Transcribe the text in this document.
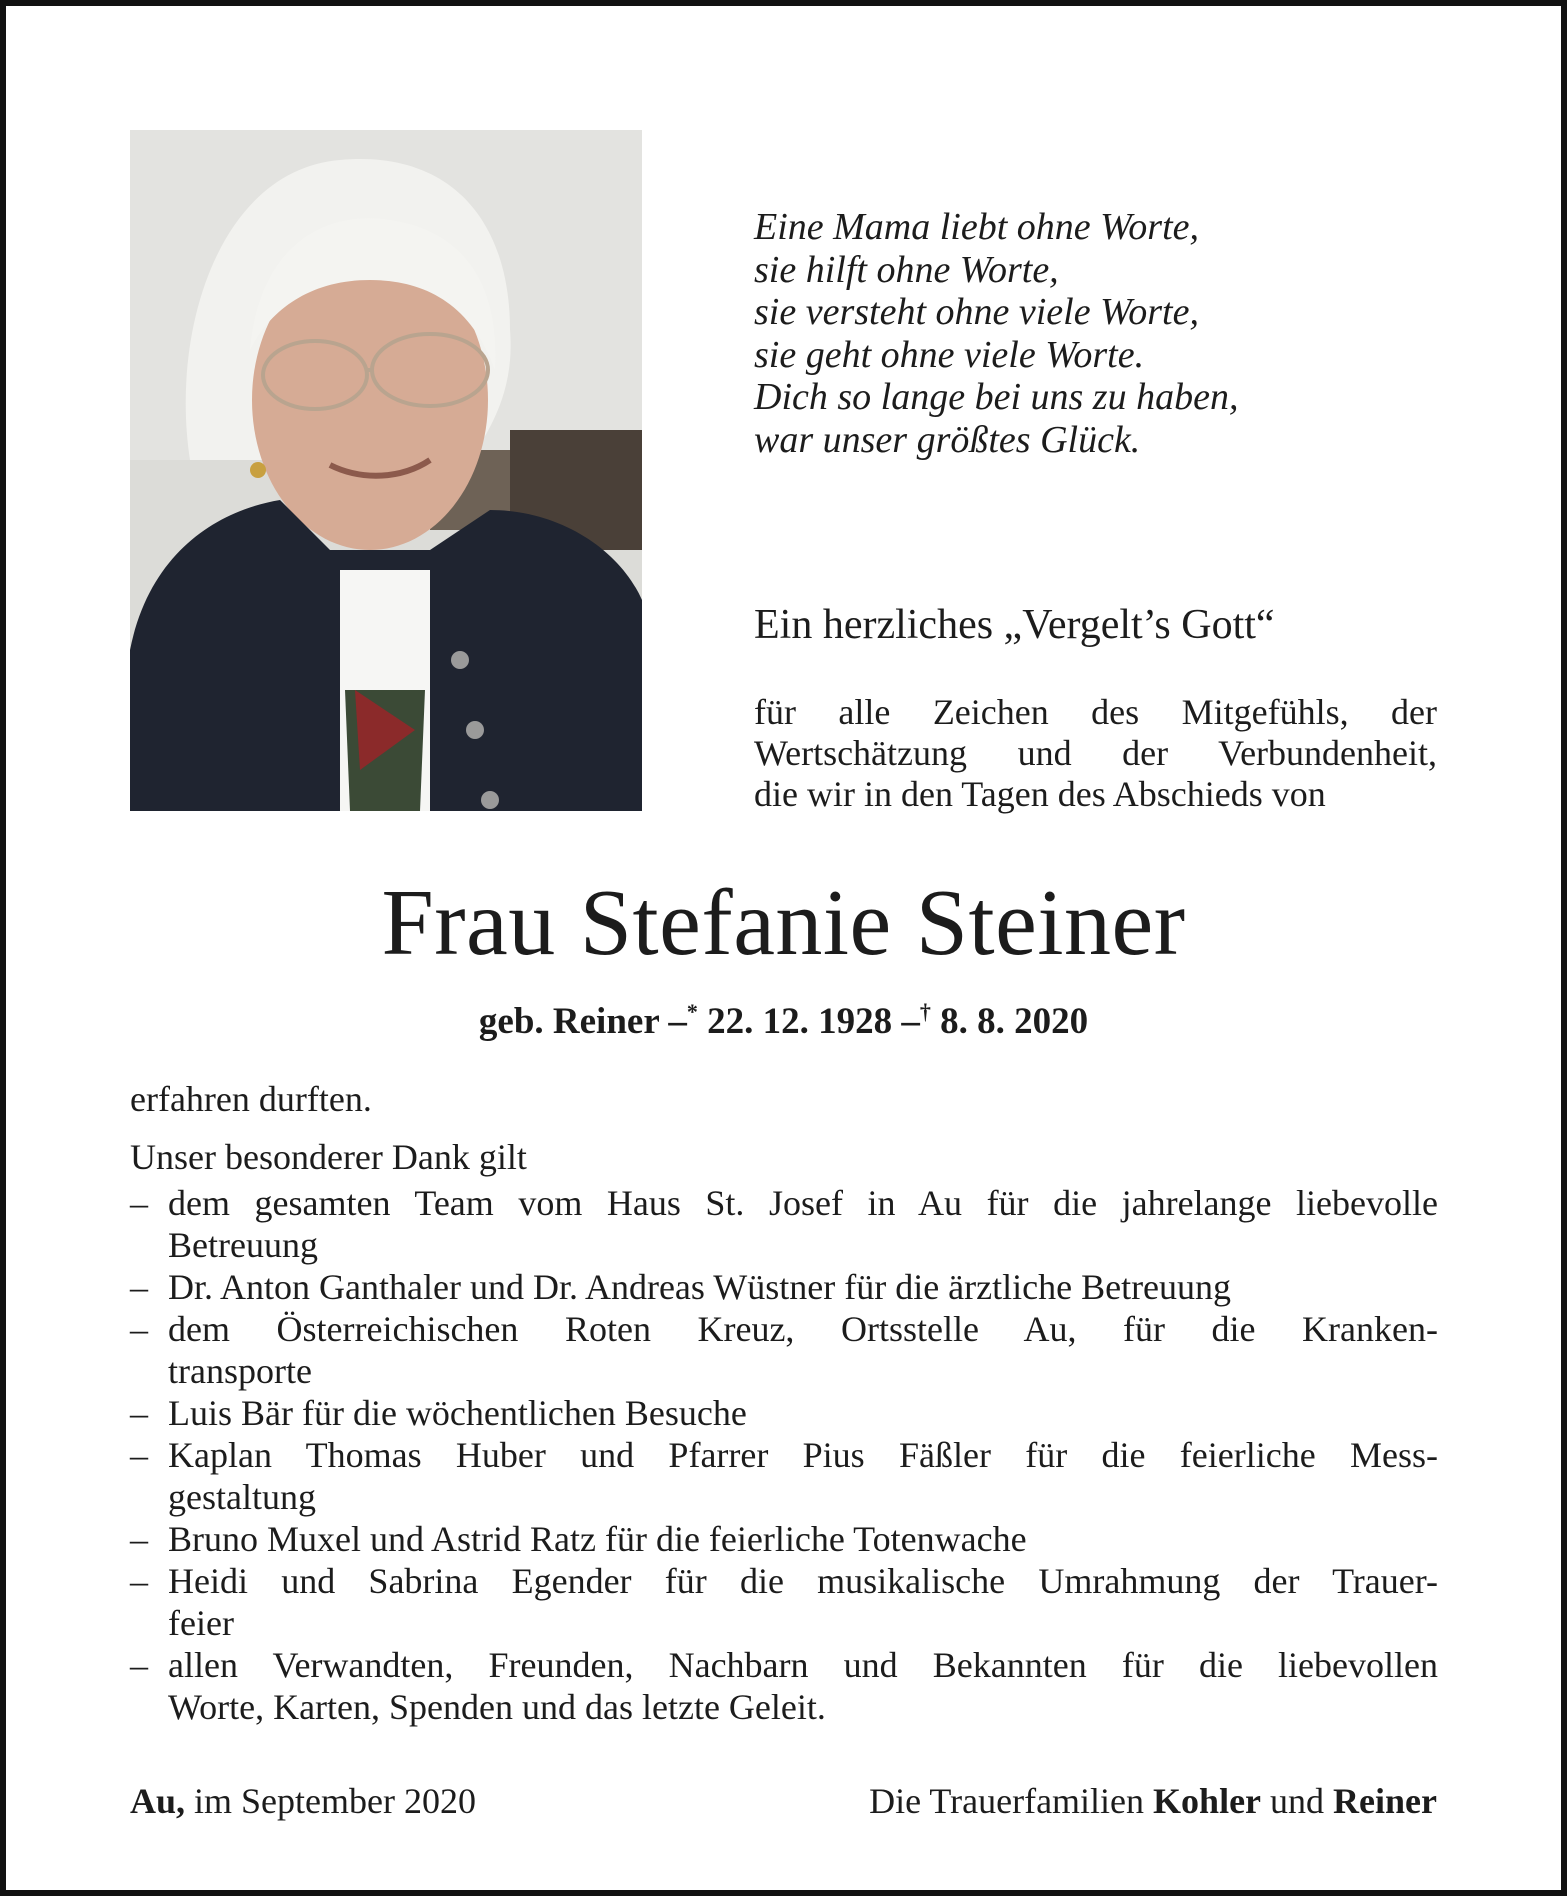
Eine Mama liebt ohne Worte,
sie hilft ohne Worte,
sie versteht ohne viele Worte,
sie geht ohne viele Worte.
Dich so lange bei uns zu haben,
war unser größtes Glück.
Ein herzliches „Vergelt’s Gott“
für alle Zeichen des Mitgefühls, der
Wertschätzung und der Verbundenheit,
die wir in den Tagen des Abschieds von
Frau Stefanie Steiner
geb. Reiner –* 22. 12. 1928 –† 8. 8. 2020

erfahren durften.

Unser besonderer Dank gilt

– dem gesamten Team vom Haus St. Josef in Au für die jahrelange liebevolle
Betreuung
– Dr. Anton Ganthaler und Dr. Andreas Wüstner für die ärztliche Betreuung
– dem Österreichischen Roten Kreuz, Ortsstelle Au, für die Kranken-
transporte
– Luis Bär für die wöchentlichen Besuche
– Kaplan Thomas Huber und Pfarrer Pius Fäßler für die feierliche Mess-
gestaltung
– Bruno Muxel und Astrid Ratz für die feierliche Totenwache
– Heidi und Sabrina Egender für die musikalische Umrahmung der Trauer-
feier
– allen Verwandten, Freunden, Nachbarn und Bekannten für die liebevollen
Worte, Karten, Spenden und das letzte Geleit.
Au, im September 2020	Die Trauerfamilien Kohler und Reiner
